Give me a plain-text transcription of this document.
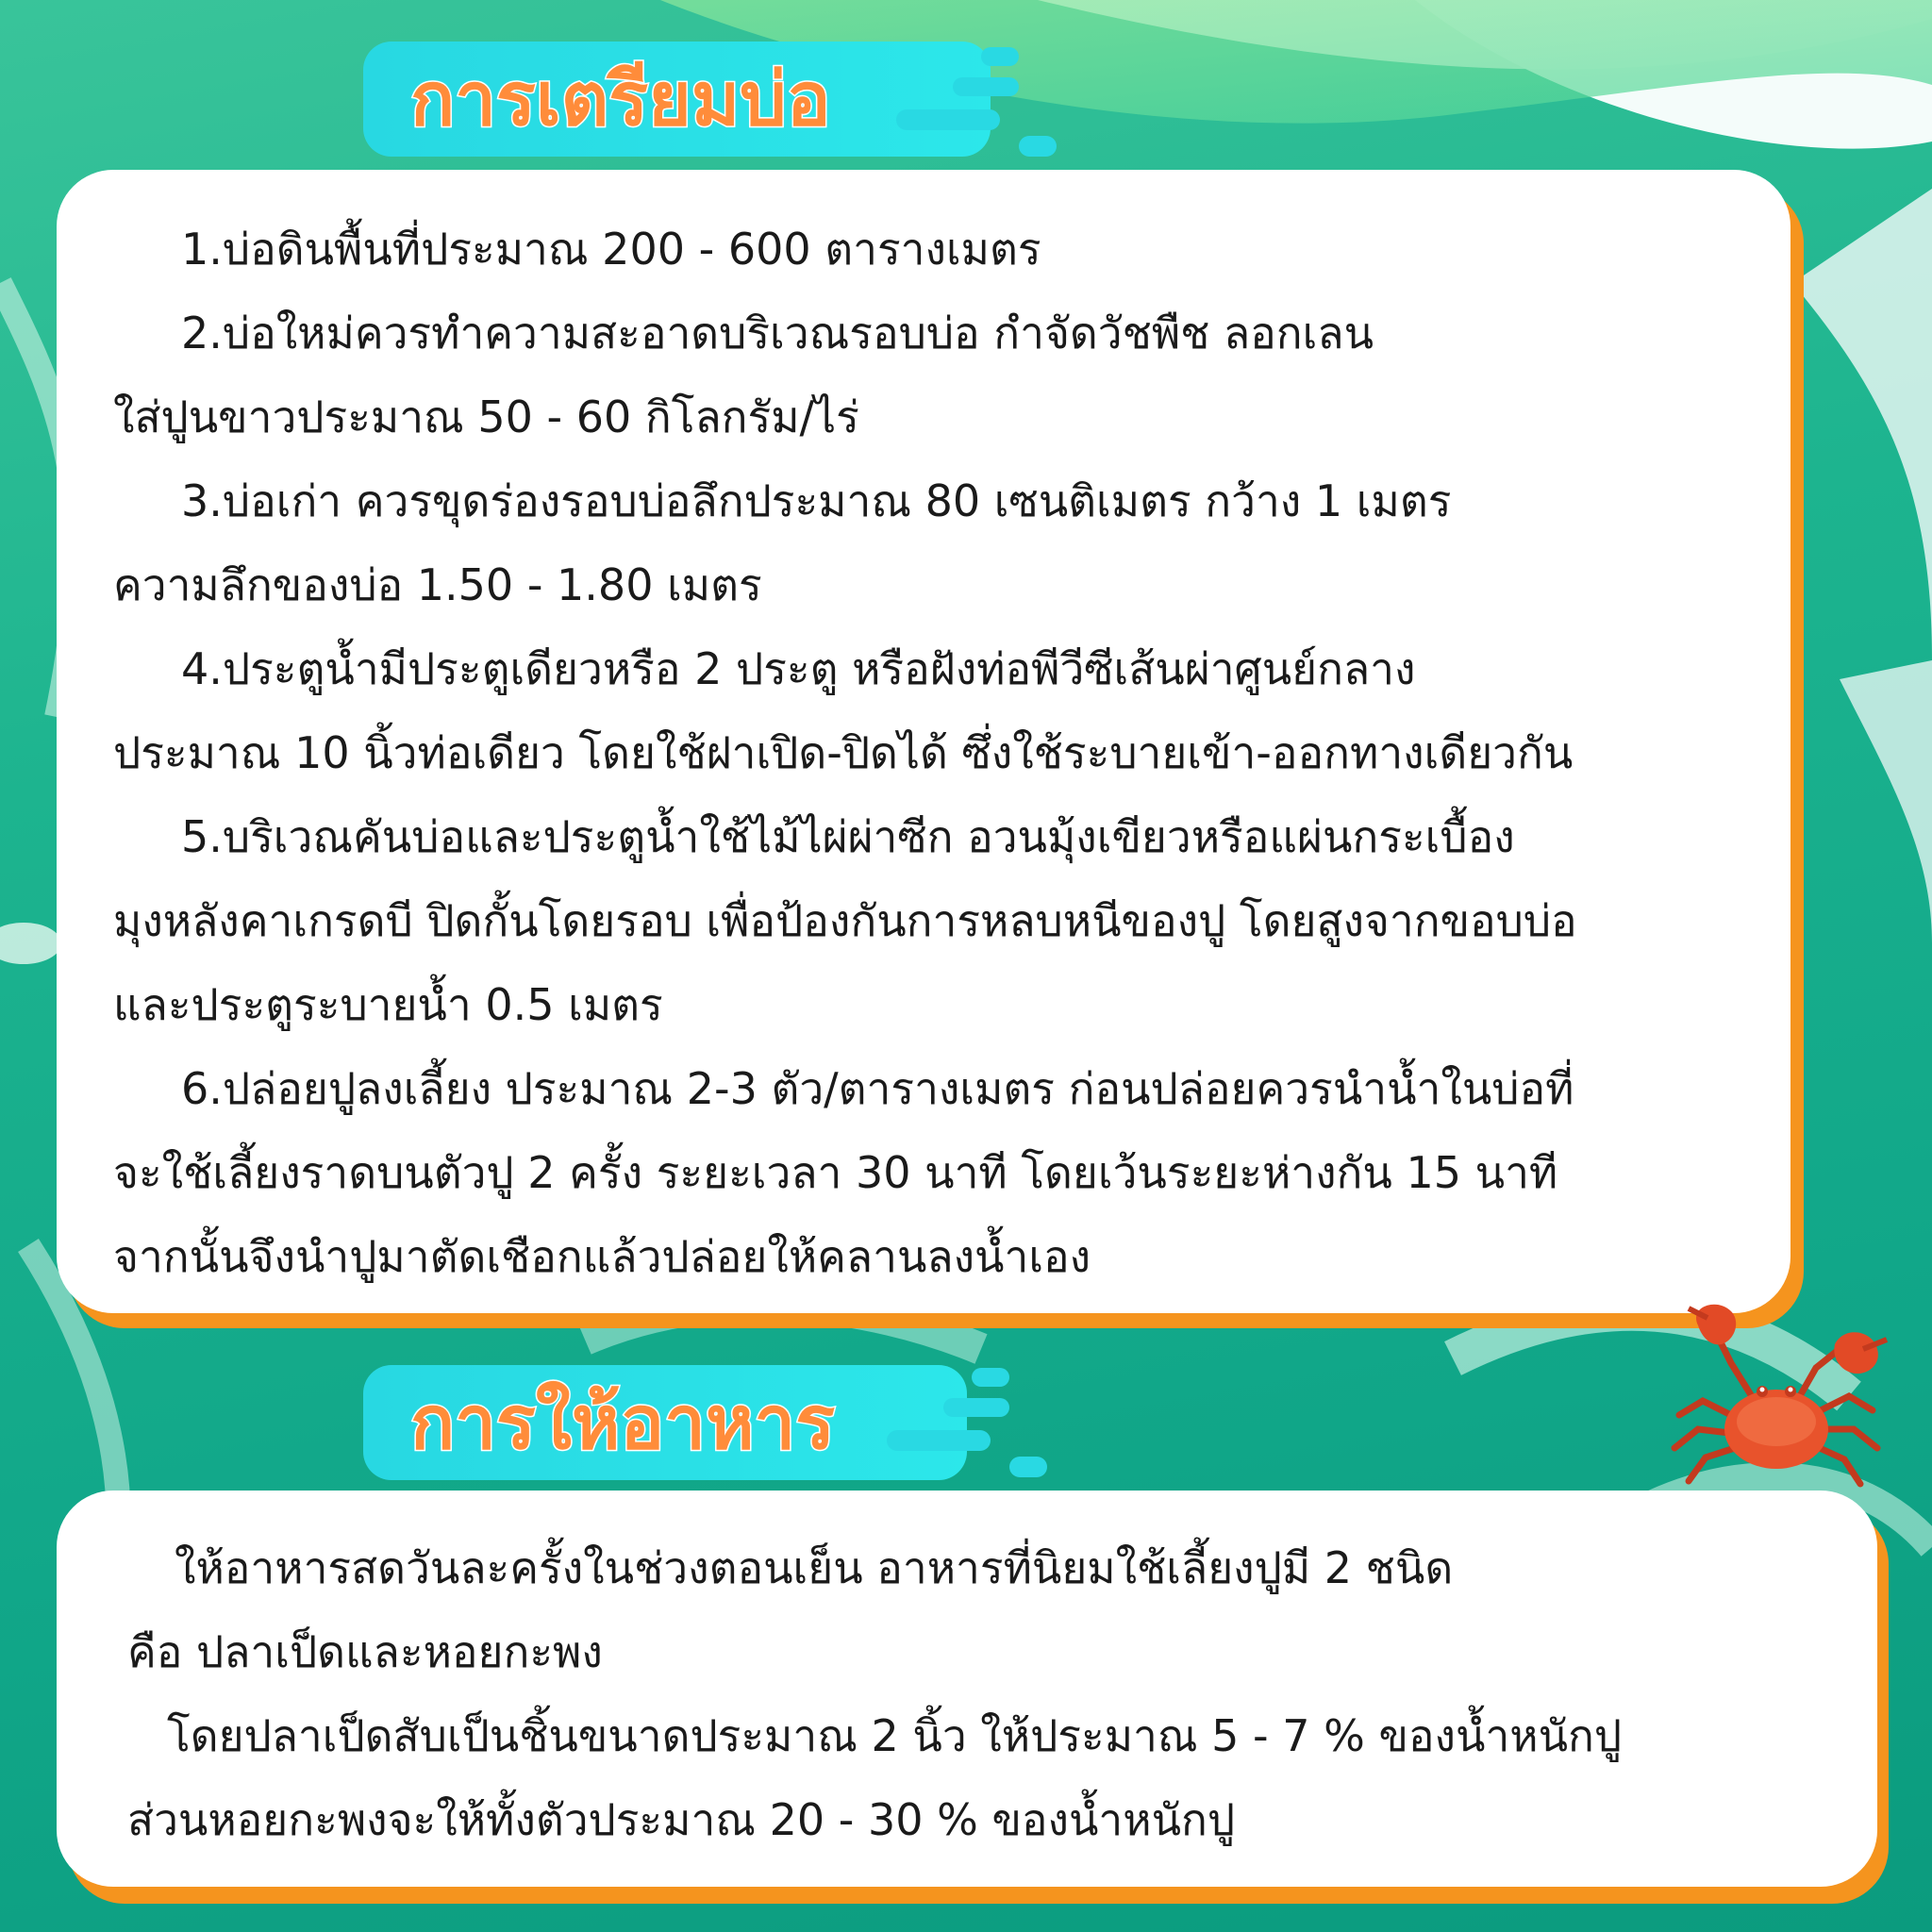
การเตรียมบ่อ
1.บ่อดินพื้นที่ประมาณ 200 - 600 ตารางเมตร
2.บ่อใหม่ควรทำความสะอาดบริเวณรอบบ่อ กำจัดวัชพืช ลอกเลน
ใส่ปูนขาวประมาณ 50 - 60 กิโลกรัม/ไร่
3.บ่อเก่า ควรขุดร่องรอบบ่อลึกประมาณ 80 เซนติเมตร กว้าง 1 เมตร
ความลึกของบ่อ 1.50 - 1.80 เมตร
4.ประตูน้ำมีประตูเดียวหรือ 2 ประตู หรือฝังท่อพีวีซีเส้นผ่าศูนย์กลาง
ประมาณ 10 นิ้วท่อเดียว โดยใช้ฝาเปิด-ปิดได้ ซึ่งใช้ระบายเข้า-ออกทางเดียวกัน
5.บริเวณคันบ่อและประตูน้ำใช้ไม้ไผ่ผ่าซีก อวนมุ้งเขียวหรือแผ่นกระเบื้อง
มุงหลังคาเกรดบี ปิดกั้นโดยรอบ เพื่อป้องกันการหลบหนีของปู โดยสูงจากขอบบ่อ
และประตูระบายน้ำ 0.5 เมตร
6.ปล่อยปูลงเลี้ยง ประมาณ 2-3 ตัว/ตารางเมตร ก่อนปล่อยควรนำน้ำในบ่อที่
จะใช้เลี้ยงราดบนตัวปู 2 ครั้ง ระยะเวลา 30 นาที โดยเว้นระยะห่างกัน 15 นาที
จากนั้นจึงนำปูมาตัดเชือกแล้วปล่อยให้คลานลงน้ำเอง
การให้อาหาร
ให้อาหารสดวันละครั้งในช่วงตอนเย็น อาหารที่นิยมใช้เลี้ยงปูมี 2 ชนิด
คือ ปลาเป็ดและหอยกะพง
โดยปลาเป็ดสับเป็นชิ้นขนาดประมาณ 2 นิ้ว ให้ประมาณ 5 - 7 % ของน้ำหนักปู
ส่วนหอยกะพงจะให้ทั้งตัวประมาณ 20 - 30 % ของน้ำหนักปู
